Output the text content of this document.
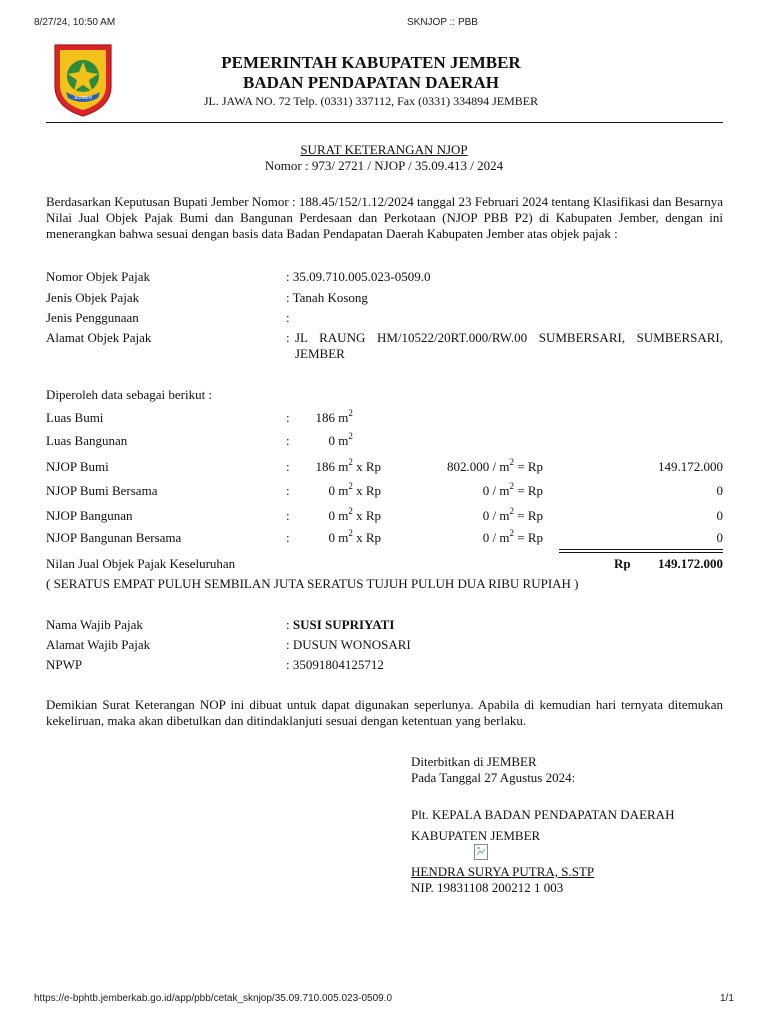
8/27/24, 10:50 AM	SKNJOP :: PBB
https://e-bphtb.jemberkab.go.id/app/pbb/cetak_sknjop/35.09.710.005.023-0509.0	1/1
JEMBER
PEMERINTAH KABUPATEN JEMBER
BADAN PENDAPATAN DAERAH
JL. JAWA NO. 72 Telp. (0331) 337112, Fax (0331) 334894 JEMBER
SURAT KETERANGAN NJOP
Nomor : 973/ 2721 / NJOP / 35.09.413 / 2024
Berdasarkan Keputusan Bupati Jember Nomor : 188.45/152/1.12/2024 tanggal 23 Februari 2024 tentang Klasifikasi dan Besarnya Nilai Jual Objek Pajak Bumi dan Bangunan Perdesaan dan Perkotaan (NJOP PBB P2) di Kabupaten Jember, dengan ini menerangkan bahwa sesuai dengan basis data Badan Pendapatan Daerah Kabupaten Jember atas objek pajak :
Nomor Objek Pajak	: 35.09.710.005.023-0509.0
Jenis Objek Pajak	: Tanah Kosong
Jenis Penggunaan	:
Alamat Objek Pajak	: JL RAUNG HM/10522/20RT.000/RW.00 SUMBERSARI, SUMBERSARI,
JEMBER
Diperoleh data sebagai berikut :
Luas Bumi	:	186 $m^2$
Luas Bangunan	:	0 $m^2$
NJOP Bumi	:	186 $m^2$ x Rp	$802.000 / m^2 = Rp$	149.172.000
NJOP Bumi Bersama	:	0 $m^2$ x Rp	$0 / m^2 = Rp$	0
NJOP Bangunan	:	0 $m^2$ x Rp	$0 / m^2 = Rp$	0
NJOP Bangunan Bersama	:	0 $m^2$ x Rp	$0 / m^2 = Rp$	0
Nilan Jual Objek Pajak Keseluruhan	Rp	149.172.000
( SERATUS EMPAT PULUH SEMBILAN JUTA SERATUS TUJUH PULUH DUA RIBU RUPIAH )
Nama Wajib Pajak	: SUSI SUPRIYATI
Alamat Wajib Pajak	: DUSUN WONOSARI
NPWP	: 35091804125712
Demikian Surat Keterangan NOP ini dibuat untuk dapat digunakan seperlunya. Apabila di kemudian hari ternyata ditemukan kekeliruan, maka akan dibetulkan dan ditindaklanjuti sesuai dengan ketentuan yang berlaku.
Diterbitkan di JEMBER
Pada Tanggal 27 Agustus 2024:
Plt. KEPALA BADAN PENDAPATAN DAERAH
KABUPATEN JEMBER
HENDRA SURYA PUTRA, S.STP
NIP. 19831108 200212 1 003
